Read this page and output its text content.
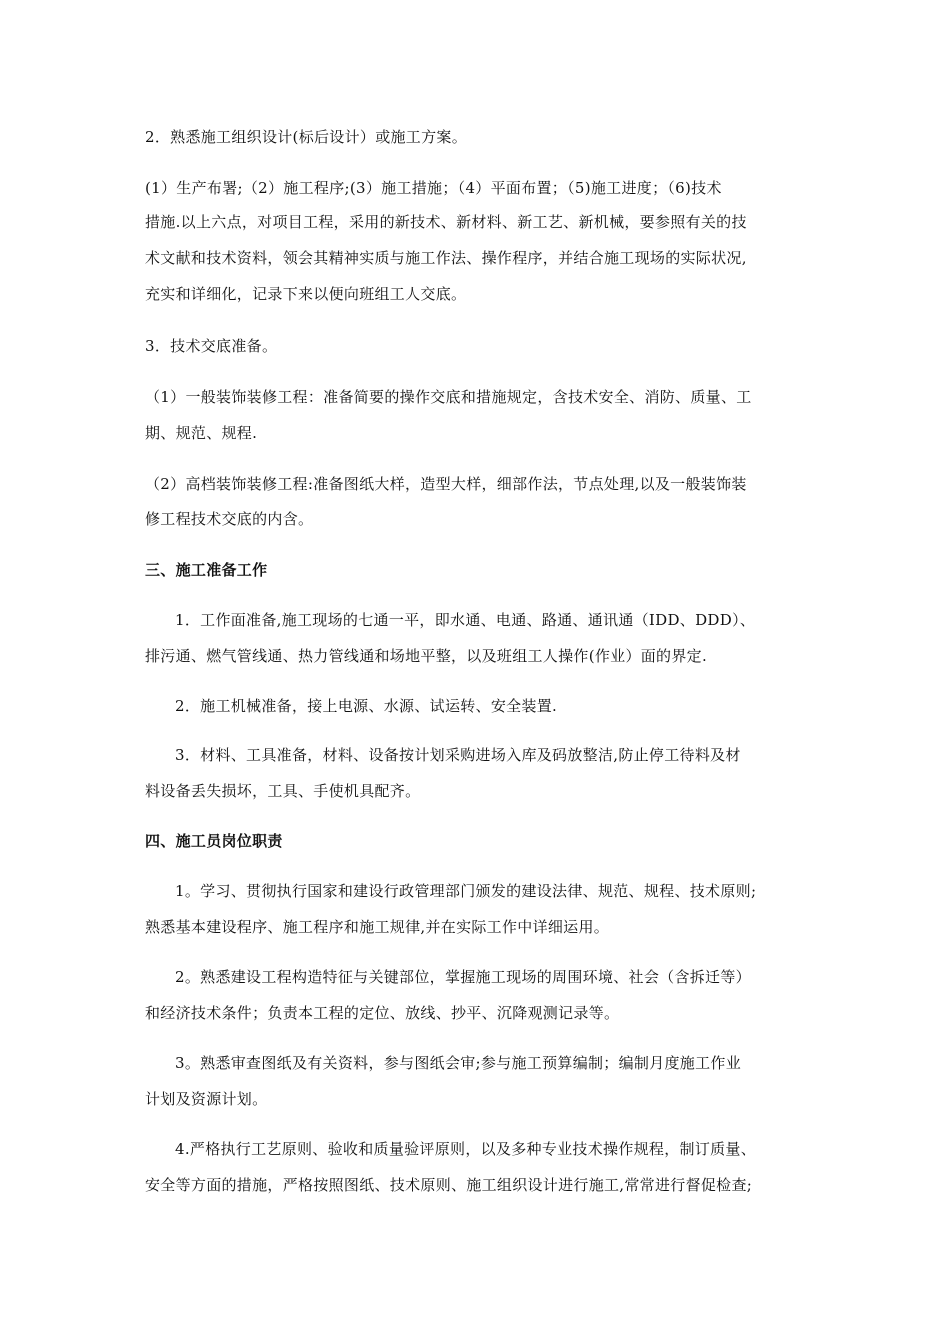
2．熟悉施工组织设计(标后设计）或施工方案。
(1）生产布署;（2）施工程序;(3）施工措施；（4）平面布置；（5)施工进度；（6)技术
措施.以上六点，对项目工程，采用的新技术、新材料、新工艺、新机械，要参照有关的技
术文献和技术资料，领会其精神实质与施工作法、操作程序，并结合施工现场的实际状况,
充实和详细化，记录下来以便向班组工人交底。
3．技术交底准备。
（1）一般装饰装修工程：准备简要的操作交底和措施规定，含技术安全、消防、质量、工
期、规范、规程.
（2）高档装饰装修工程:准备图纸大样，造型大样，细部作法，节点处理,以及一般装饰装
修工程技术交底的内含。
三、施工准备工作
1．工作面准备,施工现场的七通一平，即水通、电通、路通、通讯通（IDD、DDD）、
排污通、燃气管线通、热力管线通和场地平整，以及班组工人操作(作业）面的界定.
2．施工机械准备，接上电源、水源、试运转、安全装置.
3．材料、工具准备，材料、设备按计划采购进场入库及码放整洁,防止停工待料及材
料设备丢失损坏，工具、手使机具配齐。
四、施工员岗位职责
1。学习、贯彻执行国家和建设行政管理部门颁发的建设法律、规范、规程、技术原则;
熟悉基本建设程序、施工程序和施工规律,并在实际工作中详细运用。
2。熟悉建设工程构造特征与关键部位，掌握施工现场的周围环境、社会（含拆迁等）
和经济技术条件；负责本工程的定位、放线、抄平、沉降观测记录等。
3。熟悉审查图纸及有关资料，参与图纸会审;参与施工预算编制；编制月度施工作业
计划及资源计划。
4.严格执行工艺原则、验收和质量验评原则，以及多种专业技术操作规程，制订质量、
安全等方面的措施，严格按照图纸、技术原则、施工组织设计进行施工,常常进行督促检查;
